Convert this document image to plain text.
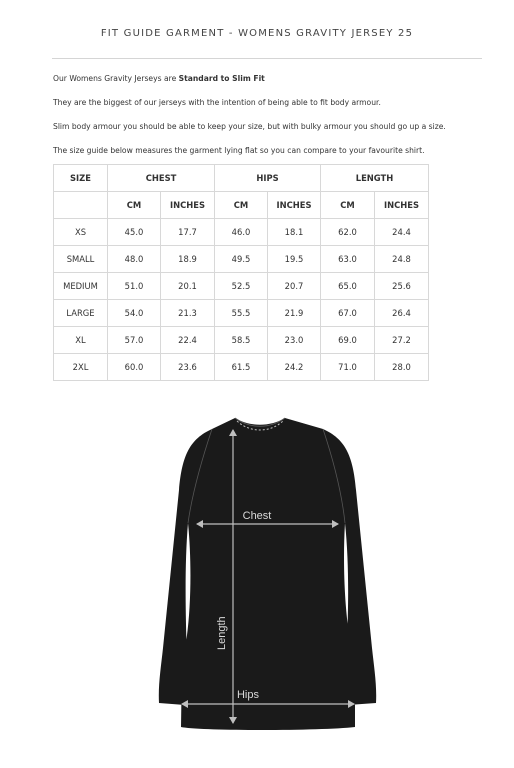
FIT GUIDE GARMENT - WOMENS GRAVITY JERSEY 25
Our Womens Gravity Jerseys are Standard to Slim Fit
They are the biggest of our jerseys with the intention of being able to fit body armour.
Slim body armour you should be able to keep your size, but with bulky armour you should go up a size.
The size guide below measures the garment lying flat so you can compare to your favourite shirt.
SIZE	CHEST		HIPS		LENGTH	
	CM	INCHES	CM	INCHES	CM	INCHES
XS	45.0	17.7	46.0	18.1	62.0	24.4
SMALL	48.0	18.9	49.5	19.5	63.0	24.8
MEDIUM	51.0	20.1	52.5	20.7	65.0	25.6
LARGE	54.0	21.3	55.5	21.9	67.0	26.4
XL	57.0	22.4	58.5	23.0	69.0	27.2
2XL	60.0	23.6	61.5	24.2	71.0	28.0
Chest
Length
Hips
